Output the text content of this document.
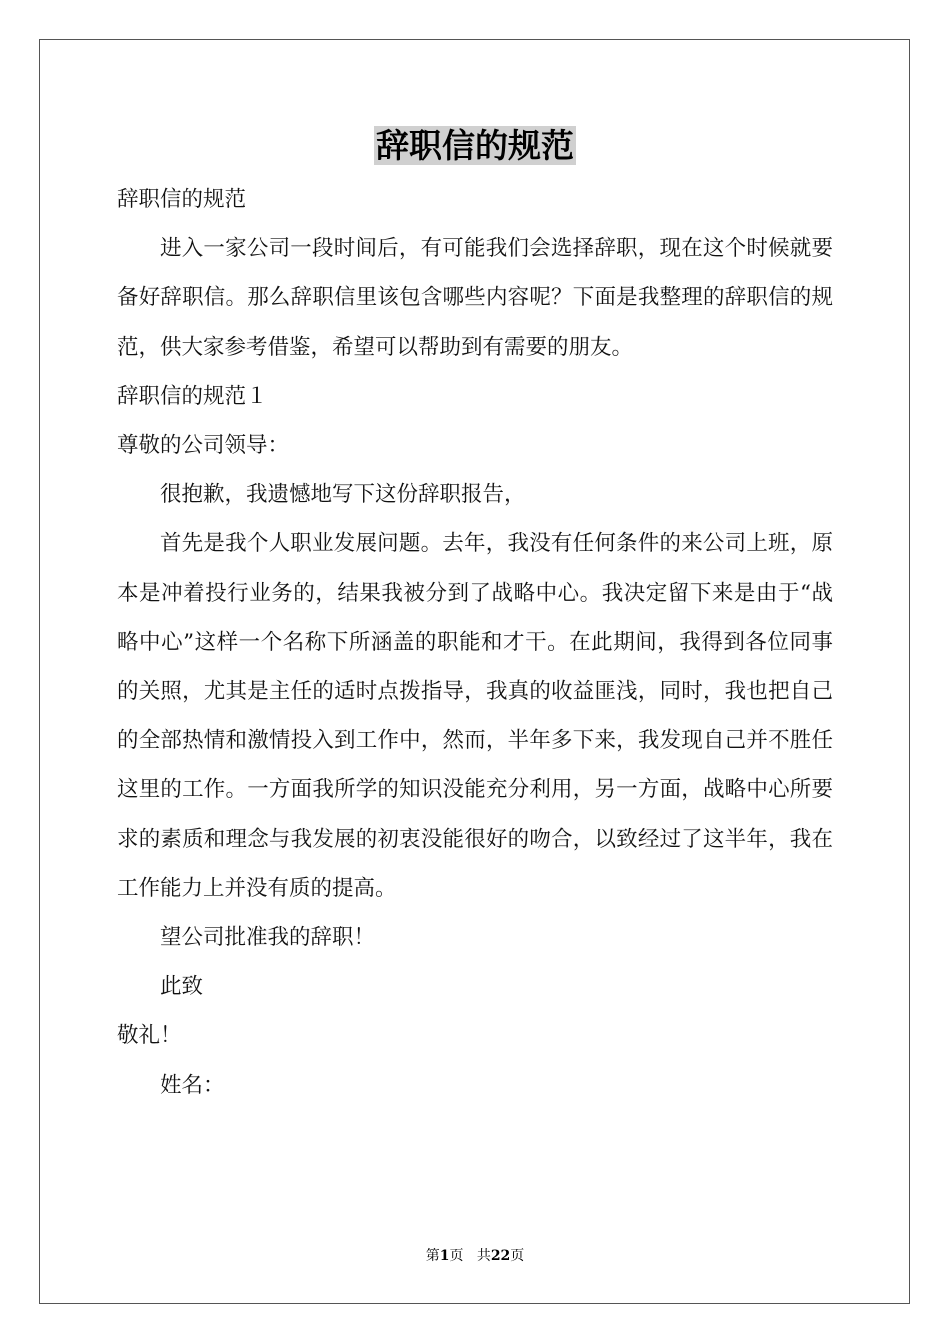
辞职信的规范

辞职信的规范

进入一家公司一段时间后，有可能我们会选择辞职，现在这个时候就要备好辞职信。那么辞职信里该包含哪些内容呢？下面是我整理的辞职信的规范，供大家参考借鉴，希望可以帮助到有需要的朋友。

辞职信的规范１

尊敬的公司领导：

很抱歉，我遗憾地写下这份辞职报告，

首先是我个人职业发展问题。去年，我没有任何条件的来公司上班，原本是冲着投行业务的，结果我被分到了战略中心。我决定留下来是由于“战略中心”这样一个名称下所涵盖的职能和才干。在此期间，我得到各位同事的关照，尤其是主任的适时点拨指导，我真的收益匪浅，同时，我也把自己的全部热情和激情投入到工作中，然而，半年多下来，我发现自己并不胜任这里的工作。一方面我所学的知识没能充分利用，另一方面，战略中心所要求的素质和理念与我发展的初衷没能很好的吻合，以致经过了这半年，我在工作能力上并没有质的提高。

望公司批准我的辞职！

此致

敬礼！

姓名：

第1页 共22页
